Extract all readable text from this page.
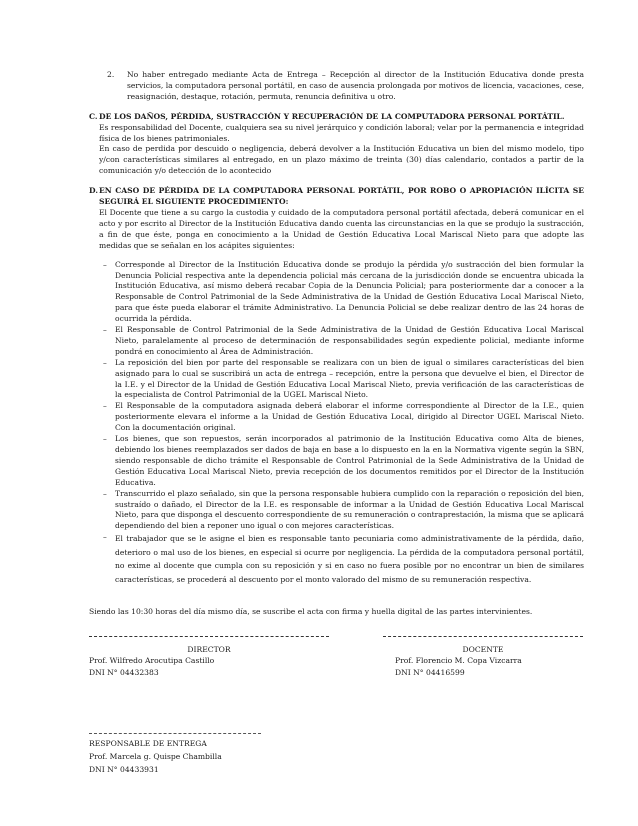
2.	No haber entregado mediante Acta de Entrega – Recepción al director de la Institución Educativa donde presta servicios, la computadora personal portátil, en caso de ausencia prolongada por motivos de licencia, vacaciones, cese, reasignación, destaque, rotación, permuta, renuncia definitiva u otro.
C. DE LOS DAÑOS, PÉRDIDA, SUSTRACCIÓN Y RECUPERACIÓN DE LA COMPUTADORA PERSONAL PORTÁTIL.

Es responsabilidad del Docente, cualquiera sea su nivel jerárquico y condición laboral; velar por la permanencia e integridad física de los bienes patrimoniales.

En caso de perdida por descuido o negligencia, deberá devolver a la Institución Educativa un bien del mismo modelo, tipo y/con características similares al entregado, en un plazo máximo de treinta (30) días calendario, contados a partir de la comunicación y/o detección de lo acontecido

D. EN CASO DE PÉRDIDA DE LA COMPUTADORA PERSONAL PORTÁTIL, POR ROBO O APROPIACIÓN ILÍCITA SE SEGUIRÁ EL SIGUIENTE PROCEDIMIENTO:

El Docente que tiene a su cargo la custodia y cuidado de la computadora personal portátil afectada, deberá comunicar en el acto y por escrito al Director de la Institución Educativa dando cuenta las circunstancias en la que se produjo la sustracción, a fin de que éste, ponga en conocimiento a la Unidad de Gestión Educativa Local Mariscal Nieto para que adopte las medidas que se señalan en los acápites siguientes:

–	Corresponde al Director de la Institución Educativa donde se produjo la pérdida y/o sustracción del bien formular la Denuncia Policial respectiva ante la dependencia policial más cercana de la jurisdicción donde se encuentra ubicada la Institución Educativa, así mismo deberá recabar Copia de la Denuncia Policial; para posteriormente dar a conocer a la Responsable de Control Patrimonial de la Sede Administrativa de la Unidad de Gestión Educativa Local Mariscal Nieto, para que éste pueda elaborar el trámite Administrativo. La Denuncia Policial se debe realizar dentro de las 24 horas de ocurrida la pérdida.
–	El Responsable de Control Patrimonial de la Sede Administrativa de la Unidad de Gestión Educativa Local Mariscal Nieto, paralelamente al proceso de determinación de responsabilidades según expediente policial, mediante informe pondrá en conocimiento al Área de Administración.
–	La reposición del bien por parte del responsable se realizara con un bien de igual o similares características del bien asignado para lo cual se suscribirá un acta de entrega – recepción, entre la persona que devuelve el bien, el Director de la I.E. y el Director de la Unidad de Gestión Educativa Local Mariscal Nieto, previa verificación de las características de la especialista de Control Patrimonial de la UGEL Mariscal Nieto.
–	El Responsable de la computadora asignada deberá elaborar el informe correspondiente al Director de la I.E., quien posteriormente elevara el informe a la Unidad de Gestión Educativa Local, dirigido al Director UGEL Mariscal Nieto. Con la documentación original.
–	Los bienes, que son repuestos, serán incorporados al patrimonio de la Institución Educativa como Alta de bienes, debiendo los bienes reemplazados ser dados de baja en base a lo dispuesto en la en la Normativa vigente según la SBN, siendo responsable de dicho trámite el Responsable de Control Patrimonial de la Sede Administrativa de la Unidad de Gestión Educativa Local Mariscal Nieto, previa recepción de los documentos remitidos por el Director de la Institución Educativa.
–	Transcurrido el plazo señalado, sin que la persona responsable hubiera cumplido con la reparación o reposición del bien, sustraído o dañado, el Director de la I.E. es responsable de informar a la Unidad de Gestión Educativa Local Mariscal Nieto, para que disponga el descuento correspondiente de su remuneración o contraprestación, la misma que se aplicará dependiendo del bien a reponer uno igual o con mejores características.
–	El trabajador que se le asigne el bien es responsable tanto pecuniaria como administrativamente de la pérdida, daño, deterioro o mal uso de los bienes, en especial si ocurre por negligencia. La pérdida de la computadora personal portátil, no exime al docente que cumpla con su reposición y si en caso no fuera posible por no encontrar un bien de similares características, se procederá al descuento por el monto valorado del mismo de su remuneración respectiva.

Siendo las 10:30 horas del día mismo día, se suscribe el acta con firma y huella digital de las partes intervinientes.

DIRECTOR
Prof. Wilfredo Arocutipa Castillo
DNI N° 04432383
DOCENTE
Prof. Florencio M. Copa Vizcarra
DNI N° 04416599
RESPONSABLE DE ENTREGA
Prof. Marcela g. Quispe Chambilla
DNI N° 04433931
